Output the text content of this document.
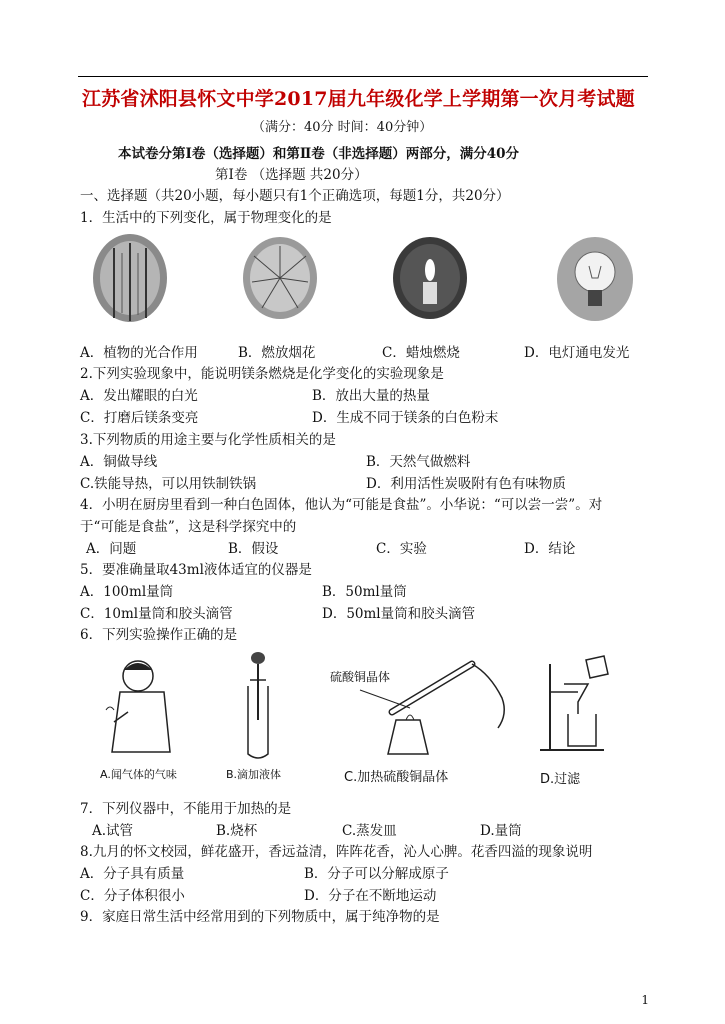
江苏省沭阳县怀文中学2017届九年级化学上学期第一次月考试题
（满分：40分 时间：40分钟）
本试卷分第Ⅰ卷（选择题）和第Ⅱ卷（非选择题）两部分，满分40分
第Ⅰ卷 （选择题 共20分）
一、选择题（共20小题，每小题只有1个正确选项，每题1分，共20分）
1．生活中的下列变化，属于物理变化的是
A．植物的光合作用	B．燃放烟花	C．蜡烛燃烧	D．电灯通电发光
2.下列实验现象中，能说明镁条燃烧是化学变化的实验现象是
A．发出耀眼的白光	B．放出大量的热量
C．打磨后镁条变亮	D．生成不同于镁条的白色粉末
3.下列物质的用途主要与化学性质相关的是
A．铜做导线	B．天然气做燃料
C.铁能导热，可以用铁制铁锅	D．利用活性炭吸附有色有味物质
4．小明在厨房里看到一种白色固体，他认为“可能是食盐”。小华说：“可以尝一尝”。对
于“可能是食盐”，这是科学探究中的
A．问题	B．假设	C．实验	D．结论
5．要准确量取43ml液体适宜的仪器是
A．100ml量筒	B．50ml量筒
C．10ml量筒和胶头滴管	D．50ml量筒和胶头滴管
6．下列实验操作正确的是
A.闻气体的气味	B.滴加液体
硫酸铜晶体
C.加热硫酸铜晶体	D.过滤
7．下列仪器中，不能用于加热的是
A.试管	B.烧杯	C.蒸发皿	D.量筒
8.九月的怀文校园，鲜花盛开，香远益清，阵阵花香，沁人心脾。花香四溢的现象说明
A．分子具有质量	B．分子可以分解成原子
C．分子体积很小	D．分子在不断地运动
9．家庭日常生活中经常用到的下列物质中，属于纯净物的是
1
